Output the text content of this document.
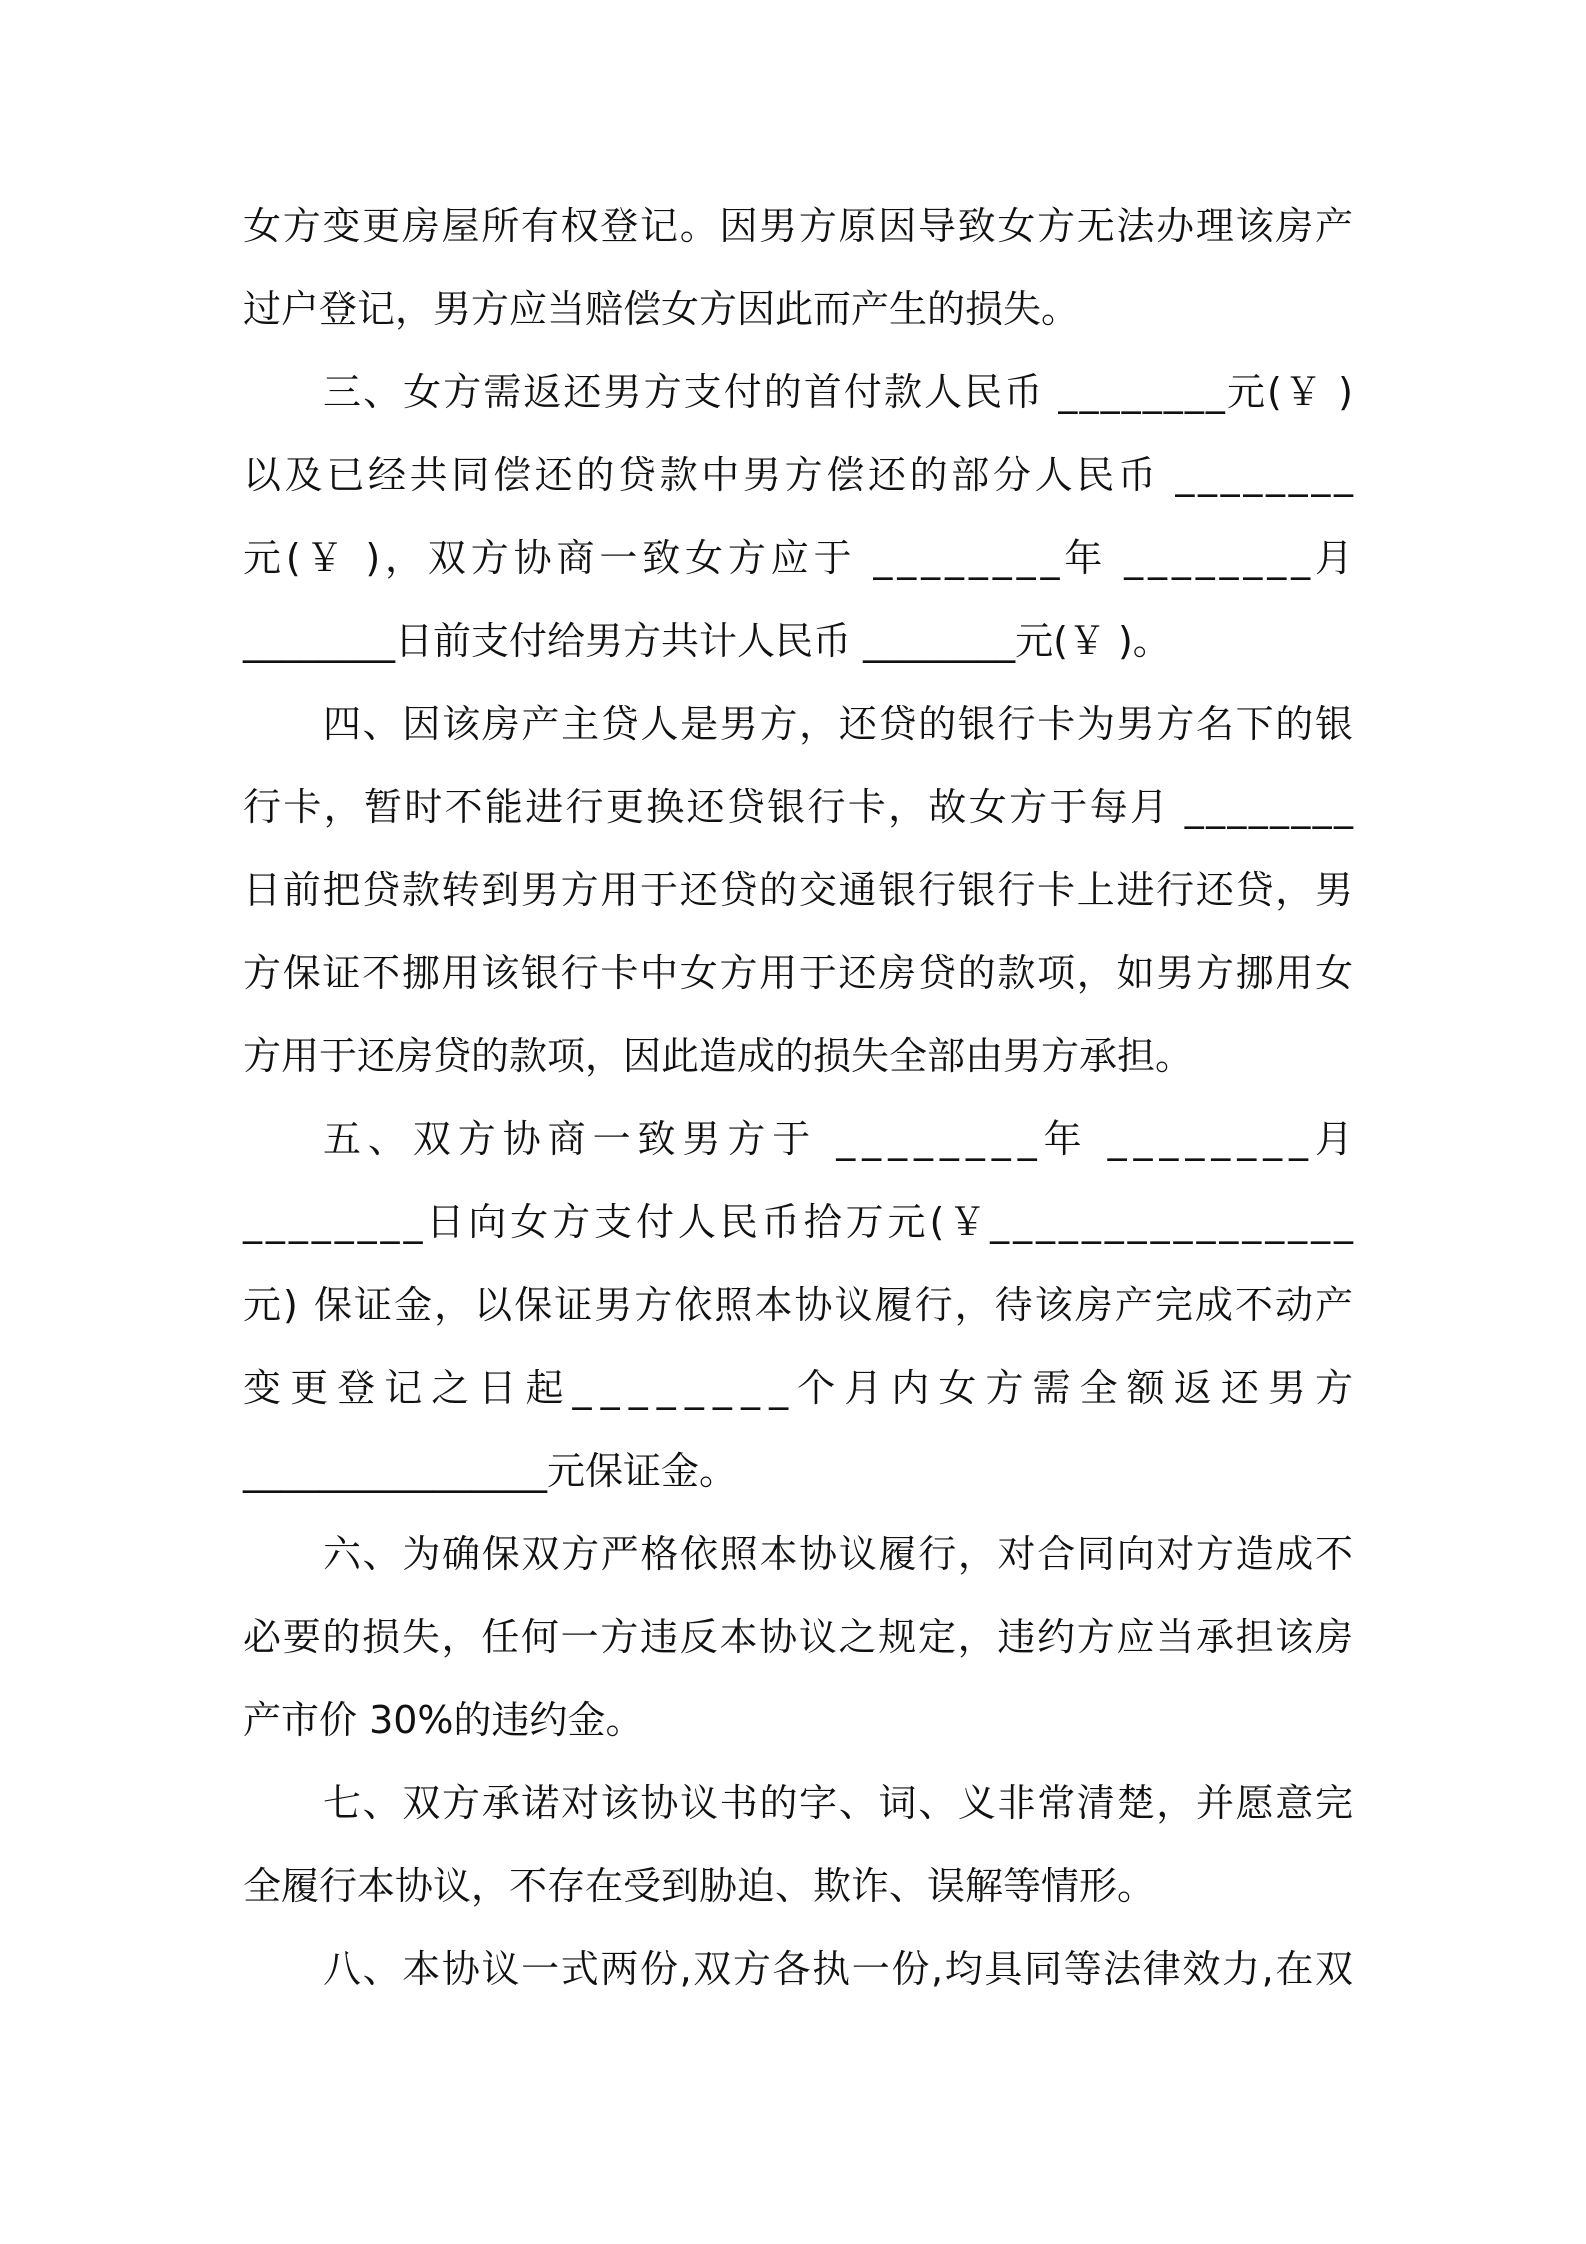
女方变更房屋所有权登记。因男方原因导致女方无法办理该房产
过户登记，男方应当赔偿女方因此而产生的损失。
三、女方需返还男方支付的首付款人民币 ________元(￥ )
以及已经共同偿还的贷款中男方偿还的部分人民币 ________
元(￥ )，双方协商一致女方应于 ________年 ________月
________日前支付给男方共计人民币 ________元(￥ )。
四、因该房产主贷人是男方，还贷的银行卡为男方名下的银
行卡，暂时不能进行更换还贷银行卡，故女方于每月 ________
日前把贷款转到男方用于还贷的交通银行银行卡上进行还贷，男
方保证不挪用该银行卡中女方用于还房贷的款项，如男方挪用女
方用于还房贷的款项，因此造成的损失全部由男方承担。
五、双方协商一致男方于 ________年 ________月
________日向女方支付人民币拾万元(￥________________
元) 保证金，以保证男方依照本协议履行，待该房产完成不动产
变更登记之日起________个月内女方需全额返还男方
________________元保证金。
六、为确保双方严格依照本协议履行，对合同向对方造成不
必要的损失，任何一方违反本协议之规定，违约方应当承担该房
产市价 30%的违约金。
七、双方承诺对该协议书的字、词、义非常清楚，并愿意完
全履行本协议，不存在受到胁迫、欺诈、误解等情形。
八、本协议一式两份,双方各执一份,均具同等法律效力,在双
